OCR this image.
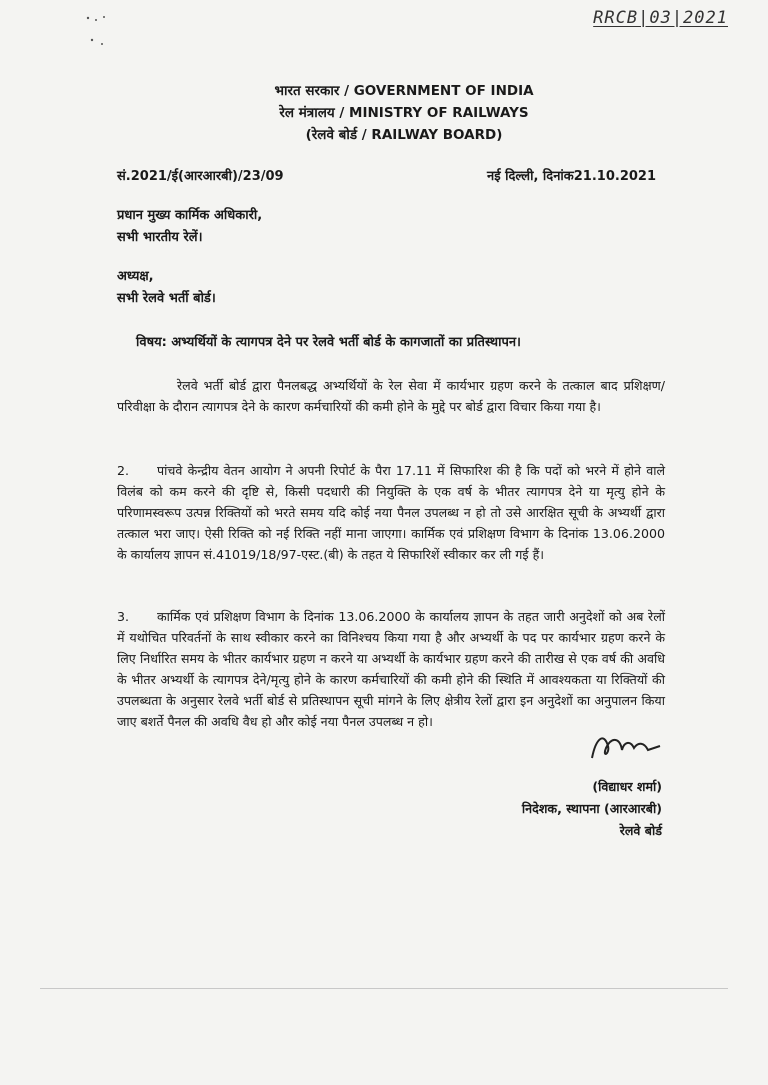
RRCB|03|2021
भारत सरकार / GOVERNMENT OF INDIA
रेल मंत्रालय / MINISTRY OF RAILWAYS
(रेलवे बोर्ड / RAILWAY BOARD)
सं.2021/ई(आरआरबी)/23/09	नई दिल्ली, दिनांक21.10.2021
प्रधान मुख्य कार्मिक अधिकारी,
सभी भारतीय रेलें।
अध्यक्ष,
सभी रेलवे भर्ती बोर्ड।
विषय: अभ्यर्थियों के त्यागपत्र देने पर रेलवे भर्ती बोर्ड के कागजातों का प्रतिस्थापन।
रेलवे भर्ती बोर्ड द्वारा पैनलबद्ध अभ्यर्थियों के रेल सेवा में कार्यभार ग्रहण करने के तत्काल बाद प्रशिक्षण/परिवीक्षा के दौरान त्यागपत्र देने के कारण कर्मचारियों की कमी होने के मुद्दे पर बोर्ड द्वारा विचार किया गया है।
2. पांचवे केन्द्रीय वेतन आयोग ने अपनी रिपोर्ट के पैरा 17.11 में सिफारिश की है कि पदों को भरने में होने वाले विलंब को कम करने की दृष्टि से, किसी पदधारी की नियुक्ति के एक वर्ष के भीतर त्यागपत्र देने या मृत्यु होने के परिणामस्वरूप उत्पन्न रिक्तियों को भरते समय यदि कोई नया पैनल उपलब्ध न हो तो उसे आरक्षित सूची के अभ्यर्थी द्वारा तत्काल भरा जाए। ऐसी रिक्ति को नई रिक्ति नहीं माना जाएगा। कार्मिक एवं प्रशिक्षण विभाग के दिनांक 13.06.2000 के कार्यालय ज्ञापन सं.41019/18/97-एस्ट.(बी) के तहत ये सिफारिशें स्वीकार कर ली गई हैं।
3. कार्मिक एवं प्रशिक्षण विभाग के दिनांक 13.06.2000 के कार्यालय ज्ञापन के तहत जारी अनुदेशों को अब रेलों में यथोचित परिवर्तनों के साथ स्वीकार करने का विनिश्चय किया गया है और अभ्यर्थी के पद पर कार्यभार ग्रहण करने के लिए निर्धारित समय के भीतर कार्यभार ग्रहण न करने या अभ्यर्थी के कार्यभार ग्रहण करने की तारीख से एक वर्ष की अवधि के भीतर अभ्यर्थी के त्यागपत्र देने/मृत्यु होने के कारण कर्मचारियों की कमी होने की स्थिति में आवश्यकता या रिक्तियों की उपलब्धता के अनुसार रेलवे भर्ती बोर्ड से प्रतिस्थापन सूची मांगने के लिए क्षेत्रीय रेलों द्वारा इन अनुदेशों का अनुपालन किया जाए बशर्ते पैनल की अवधि वैध हो और कोई नया पैनल उपलब्ध न हो।
(विद्याधर शर्मा)
निदेशक, स्थापना (आरआरबी)
रेलवे बोर्ड
